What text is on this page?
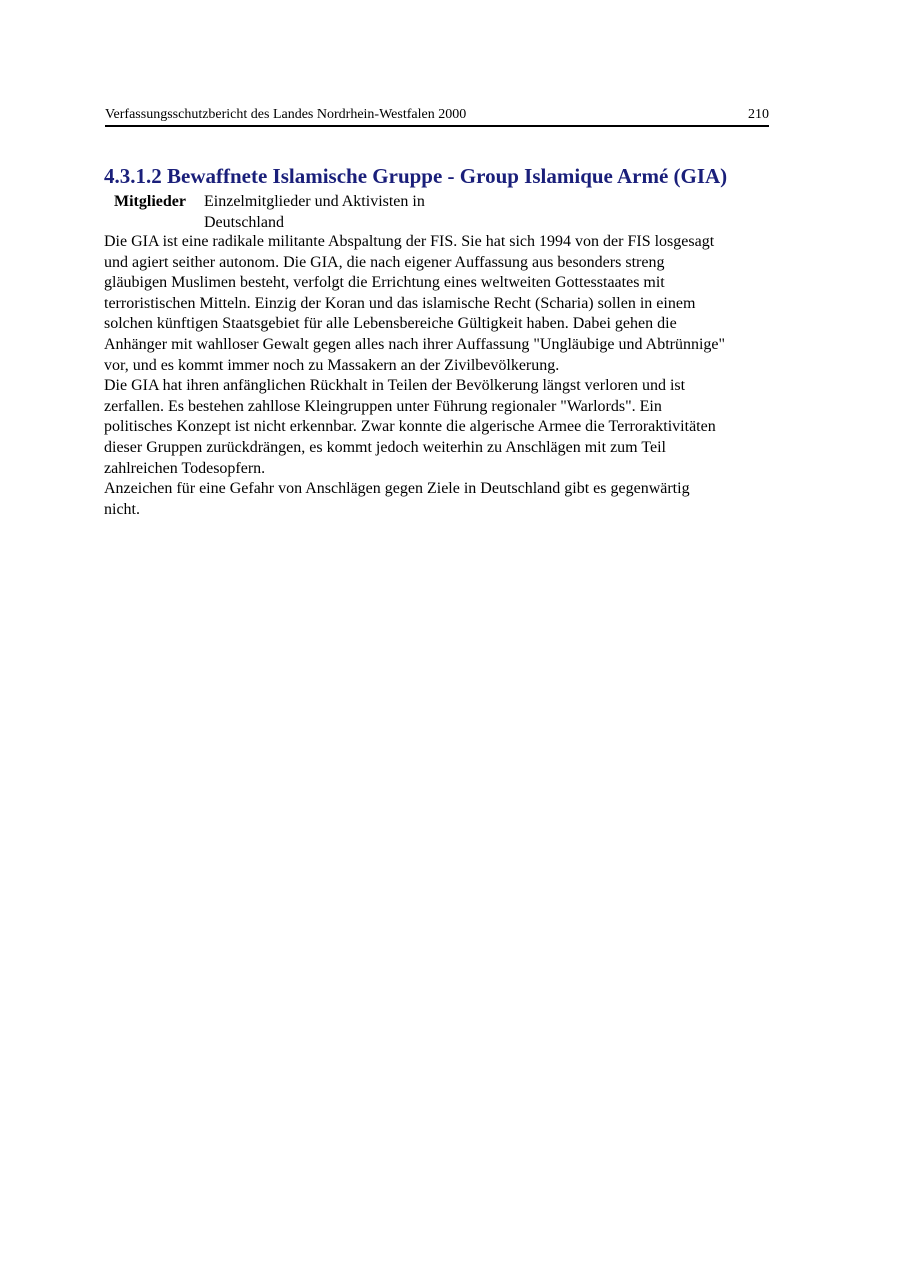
Verfassungsschutzbericht des Landes Nordrhein-Westfalen 2000	210
4.3.1.2 Bewaffnete Islamische Gruppe - Group Islamique Armé (GIA)
Mitglieder	Einzelmitglieder und Aktivisten in
Deutschland

Die GIA ist eine radikale militante Abspaltung der FIS. Sie hat sich 1994 von der FIS losgesagt
und agiert seither autonom. Die GIA, die nach eigener Auffassung aus besonders streng
gläubigen Muslimen besteht, verfolgt die Errichtung eines weltweiten Gottesstaates mit
terroristischen Mitteln. Einzig der Koran und das islamische Recht (Scharia) sollen in einem
solchen künftigen Staatsgebiet für alle Lebensbereiche Gültigkeit haben. Dabei gehen die
Anhänger mit wahlloser Gewalt gegen alles nach ihrer Auffassung "Ungläubige und Abtrünnige"
vor, und es kommt immer noch zu Massakern an der Zivilbevölkerung.

Die GIA hat ihren anfänglichen Rückhalt in Teilen der Bevölkerung längst verloren und ist
zerfallen. Es bestehen zahllose Kleingruppen unter Führung regionaler "Warlords". Ein
politisches Konzept ist nicht erkennbar. Zwar konnte die algerische Armee die Terroraktivitäten
dieser Gruppen zurückdrängen, es kommt jedoch weiterhin zu Anschlägen mit zum Teil
zahlreichen Todesopfern.

Anzeichen für eine Gefahr von Anschlägen gegen Ziele in Deutschland gibt es gegenwärtig
nicht.
